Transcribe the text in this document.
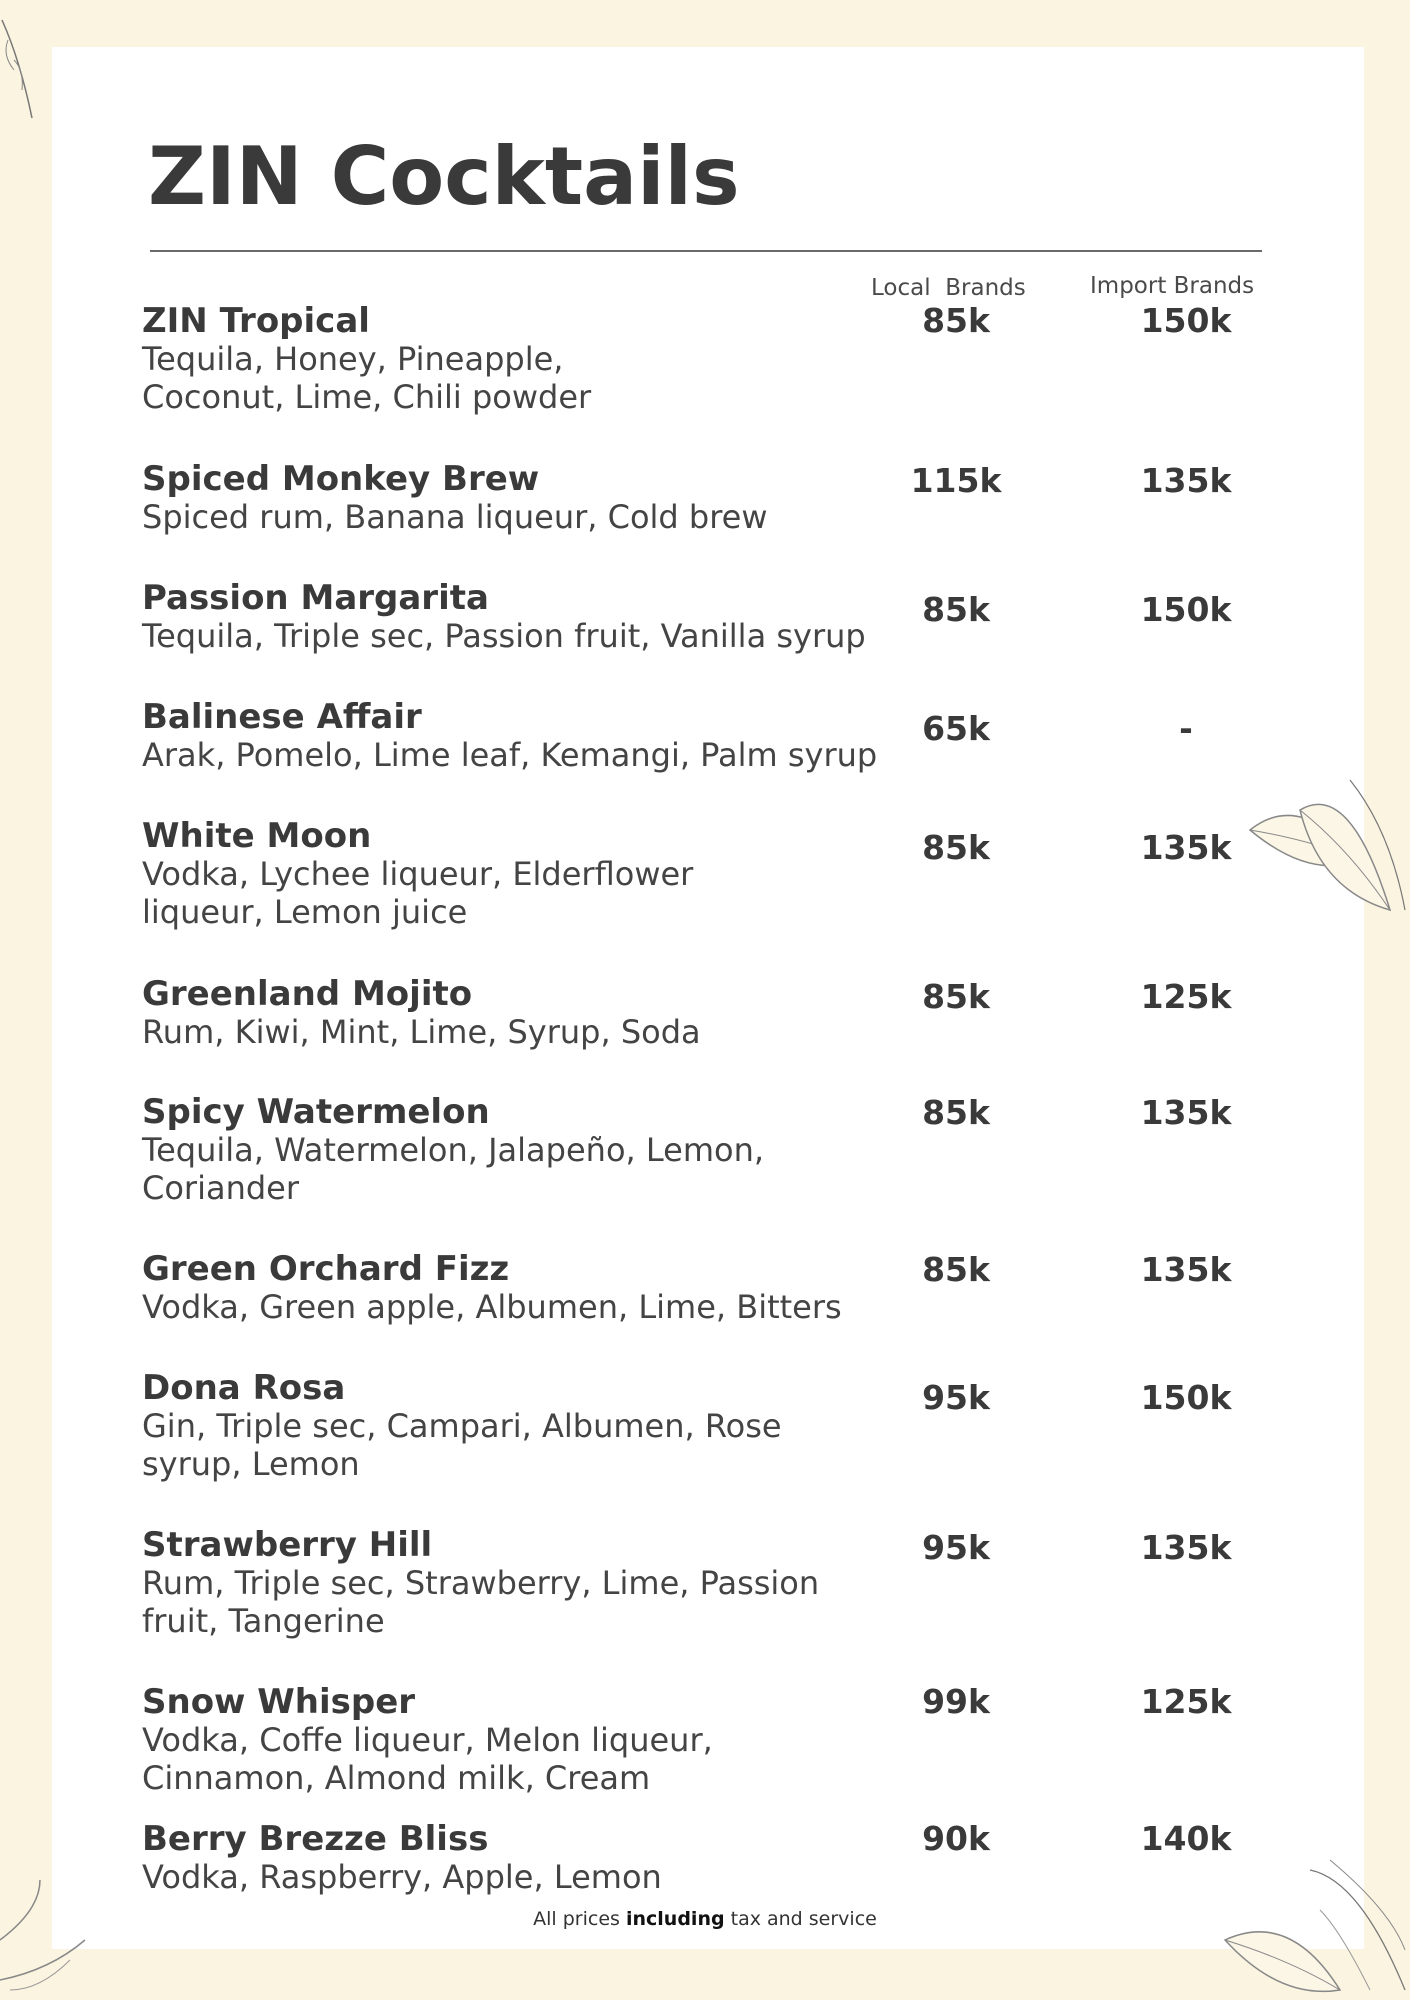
ZIN Cocktails
Local  Brands	Import Brands
ZIN Tropical
Tequila, Honey, Pineapple, Coconut, Lime, Chili powder
85k	150k
Spiced Monkey Brew
Spiced rum, Banana liqueur, Cold brew
115k	135k
Passion Margarita
Tequila, Triple sec, Passion fruit, Vanilla syrup
85k	150k
Balinese Affair
Arak, Pomelo, Lime leaf, Kemangi, Palm syrup
65k	-
White Moon
Vodka, Lychee liqueur, Elderflower liqueur, Lemon juice
85k	135k
Greenland Mojito
Rum, Kiwi, Mint, Lime, Syrup, Soda
85k	125k
Spicy Watermelon
Tequila, Watermelon, Jalapeño, Lemon, Coriander
85k	135k
Green Orchard Fizz
Vodka, Green apple, Albumen, Lime, Bitters
85k	135k
Dona Rosa
Gin, Triple sec, Campari, Albumen, Rose syrup, Lemon
95k	150k
Strawberry Hill
Rum, Triple sec, Strawberry, Lime, Passion fruit, Tangerine
95k	135k
Snow Whisper
Vodka, Coffe liqueur, Melon liqueur, Cinnamon, Almond milk, Cream
99k	125k
Berry Brezze Bliss
Vodka, Raspberry, Apple, Lemon
90k	140k
All prices including tax and service
